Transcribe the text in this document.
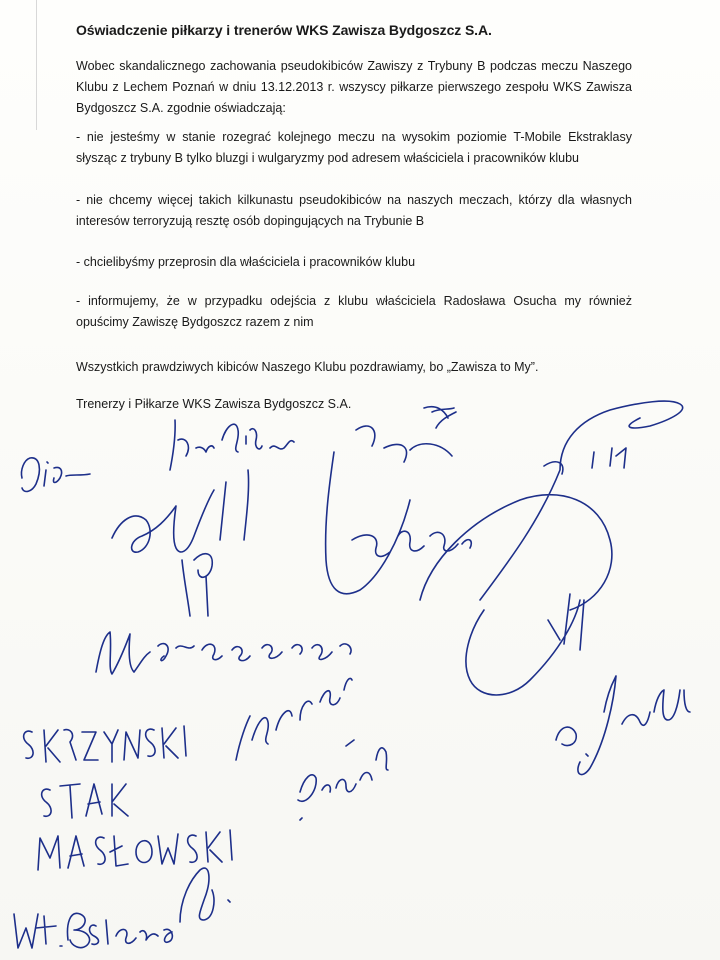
Oświadczenie piłkarzy i trenerów WKS Zawisza Bydgoszcz S.A.
Wobec skandalicznego zachowania pseudokibiców Zawiszy z Trybuny B podczas meczu Naszego Klubu z Lechem Poznań w dniu 13.12.2013 r. wszyscy piłkarze pierwszego zespołu WKS Zawisza Bydgoszcz S.A. zgodnie oświadczają:
- nie jesteśmy w stanie rozegrać kolejnego meczu na wysokim poziomie T-Mobile Ekstraklasy słysząc z trybuny B tylko bluzgi i wulgaryzmy pod adresem właściciela i pracowników klubu
- nie chcemy więcej takich kilkunastu pseudokibiców na naszych meczach, którzy dla własnych interesów terroryzują resztę osób dopingujących na Trybunie B
- chcielibyśmy przeprosin dla właściciela i pracowników klubu
- informujemy, że w przypadku odejścia z klubu właściciela Radosława Osucha my również opuścimy Zawiszę Bydgoszcz razem z nim
Wszystkich prawdziwych kibiców Naszego Klubu pozdrawiamy, bo „Zawisza to My”.
Trenerzy i Piłkarze WKS Zawisza Bydgoszcz S.A.
